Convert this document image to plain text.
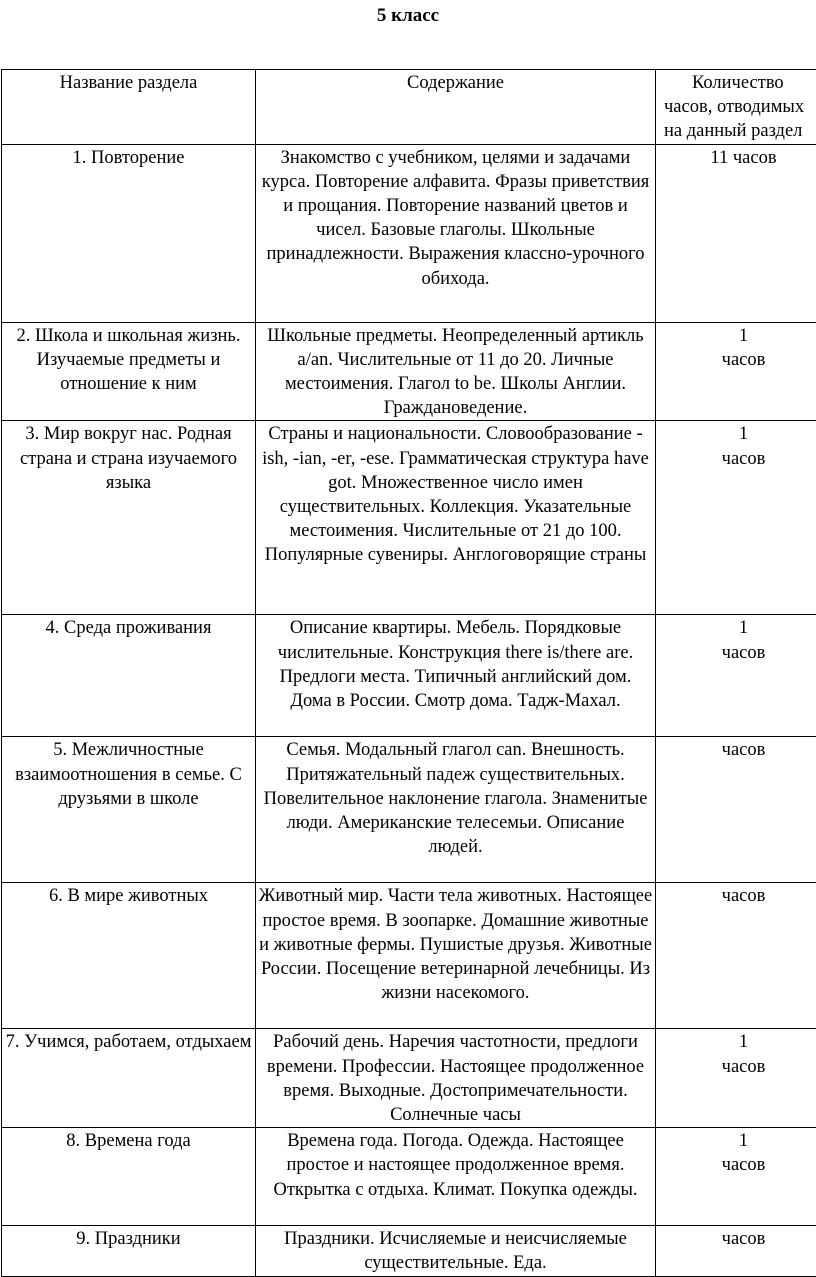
5 класс
Название раздела	Содержание	Количество
часов, отводимых
на данный раздел

1. Повторение	Знакомство с учебником, целями и задачами курса. Повторение алфавита. Фразы приветствия и прощания. Повторение названий цветов и чисел. Базовые глаголы. Школьные принадлежности. Выражения классно-урочного обихода.	11 часов

2. Школа и школьная жизнь. Изучаемые предметы и отношение к ним	Школьные предметы. Неопределенный артикль a/an. Числительные от 11 до 20. Личные местоимения. Глагол to be. Школы Англии. Граждановедение.	1
часов

3. Мир вокруг нас. Родная страна и страна изучаемого языка	Страны и национальности. Словообразование -ish, -ian, -er, -ese. Грамматическая структура have got. Множественное число имен существительных. Коллекция. Указательные местоимения. Числительные от 21 до 100. Популярные сувениры. Англоговорящие страны	1
часов

4. Среда проживания	Описание квартиры. Мебель. Порядковые числительные. Конструкция there is/there are. Предлоги места. Типичный английский дом. Дома в России. Смотр дома. Тадж-Махал.	1
часов

5. Межличностные взаимоотношения в семье. С друзьями в школе	Семья. Модальный глагол can. Внешность. Притяжательный падеж существительных. Повелительное наклонение глагола. Знаменитые люди. Американские телесемьи. Описание людей.	часов

6. В мире животных	Животный мир. Части тела животных. Настоящее простое время. В зоопарке. Домашние животные и животные фермы. Пушистые друзья. Животные России. Посещение ветеринарной лечебницы. Из жизни насекомого.	часов

7. Учимся, работаем, отдыхаем	Рабочий день. Наречия частотности, предлоги времени. Профессии. Настоящее продолженное время. Выходные. Достопримечательности. Солнечные часы	1
часов

8. Времена года	Времена года. Погода. Одежда. Настоящее простое и настоящее продолженное время. Открытка с отдыха. Климат. Покупка одежды.	1
часов

9. Праздники	Праздники. Исчисляемые и неисчисляемые существительные. Еда.	часов
